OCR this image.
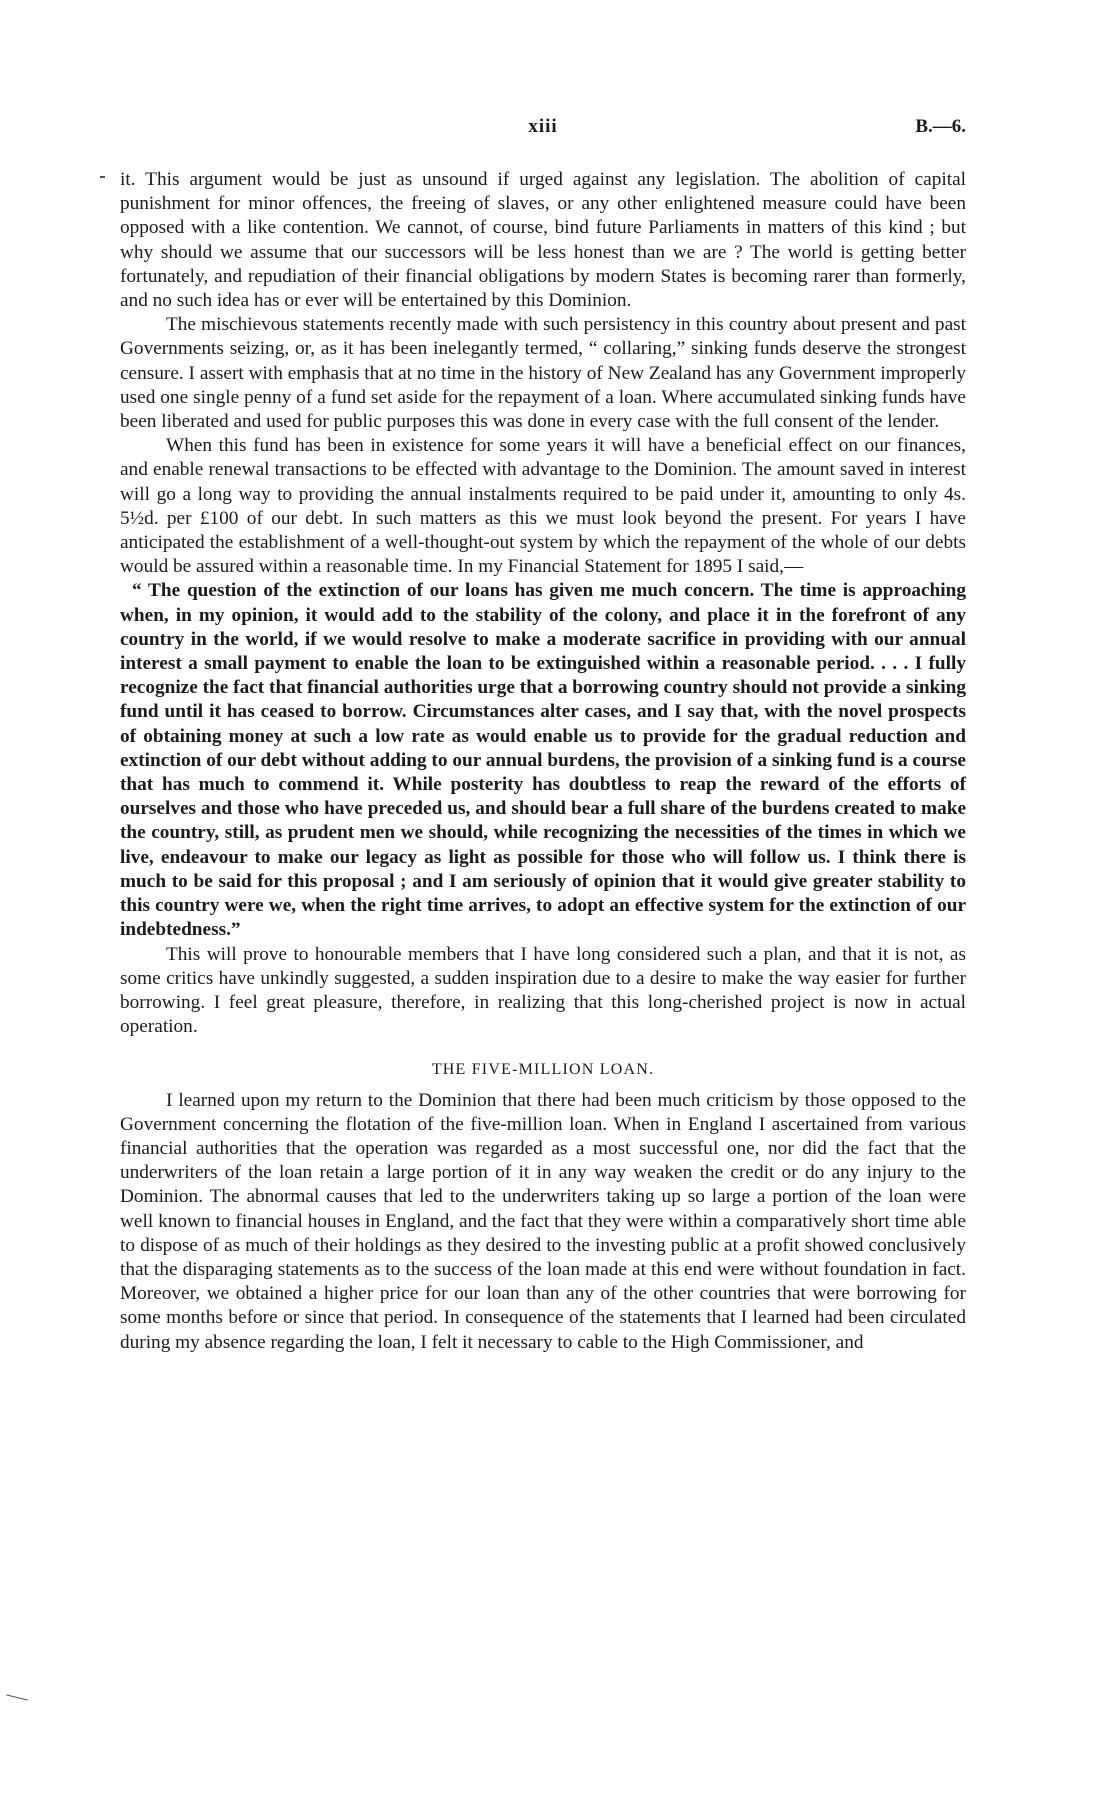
xiii	B.—6.

it. This argument would be just as unsound if urged against any legislation. The abolition of capital punishment for minor offences, the freeing of slaves, or any other enlightened measure could have been opposed with a like contention. We cannot, of course, bind future Parliaments in matters of this kind ; but why should we assume that our successors will be less honest than we are ? The world is getting better fortunately, and repudiation of their financial obligations by modern States is becoming rarer than formerly, and no such idea has or ever will be entertained by this Dominion.

The mischievous statements recently made with such persistency in this country about present and past Governments seizing, or, as it has been inelegantly termed, “ collaring,” sinking funds deserve the strongest censure. I assert with emphasis that at no time in the history of New Zealand has any Government improperly used one single penny of a fund set aside for the repayment of a loan. Where accumulated sinking funds have been liberated and used for public purposes this was done in every case with the full consent of the lender.

When this fund has been in existence for some years it will have a beneficial effect on our finances, and enable renewal transactions to be effected with advantage to the Dominion. The amount saved in interest will go a long way to providing the annual instalments required to be paid under it, amounting to only 4s. 5½d. per £100 of our debt. In such matters as this we must look beyond the present. For years I have anticipated the establishment of a well-thought-out system by which the repayment of the whole of our debts would be assured within a reasonable time. In my Financial Statement for 1895 I said,—

“ The question of the extinction of our loans has given me much concern. The time is approaching when, in my opinion, it would add to the stability of the colony, and place it in the forefront of any country in the world, if we would resolve to make a moderate sacrifice in providing with our annual interest a small payment to enable the loan to be extinguished within a reasonable period. . . . I fully recognize the fact that financial authorities urge that a borrowing country should not provide a sinking fund until it has ceased to borrow. Circumstances alter cases, and I say that, with the novel prospects of obtaining money at such a low rate as would enable us to provide for the gradual reduction and extinction of our debt without adding to our annual burdens, the provision of a sinking fund is a course that has much to commend it. While posterity has doubtless to reap the reward of the efforts of ourselves and those who have preceded us, and should bear a full share of the burdens created to make the country, still, as prudent men we should, while recognizing the necessities of the times in which we live, endeavour to make our legacy as light as possible for those who will follow us. I think there is much to be said for this proposal ; and I am seriously of opinion that it would give greater stability to this country were we, when the right time arrives, to adopt an effective system for the extinction of our indebtedness.”

This will prove to honourable members that I have long considered such a plan, and that it is not, as some critics have unkindly suggested, a sudden inspiration due to a desire to make the way easier for further borrowing. I feel great pleasure, therefore, in realizing that this long-cherished project is now in actual operation.

THE FIVE-MILLION LOAN.

I learned upon my return to the Dominion that there had been much criticism by those opposed to the Government concerning the flotation of the five-million loan. When in England I ascertained from various financial authorities that the operation was regarded as a most successful one, nor did the fact that the underwriters of the loan retain a large portion of it in any way weaken the credit or do any injury to the Dominion. The abnormal causes that led to the underwriters taking up so large a portion of the loan were well known to financial houses in England, and the fact that they were within a comparatively short time able to dispose of as much of their holdings as they desired to the investing public at a profit showed conclusively that the disparaging statements as to the success of the loan made at this end were without foundation in fact. Moreover, we obtained a higher price for our loan than any of the other countries that were borrowing for some months before or since that period. In consequence of the statements that I learned had been circulated during my absence regarding the loan, I felt it necessary to cable to the High Commissioner, and
